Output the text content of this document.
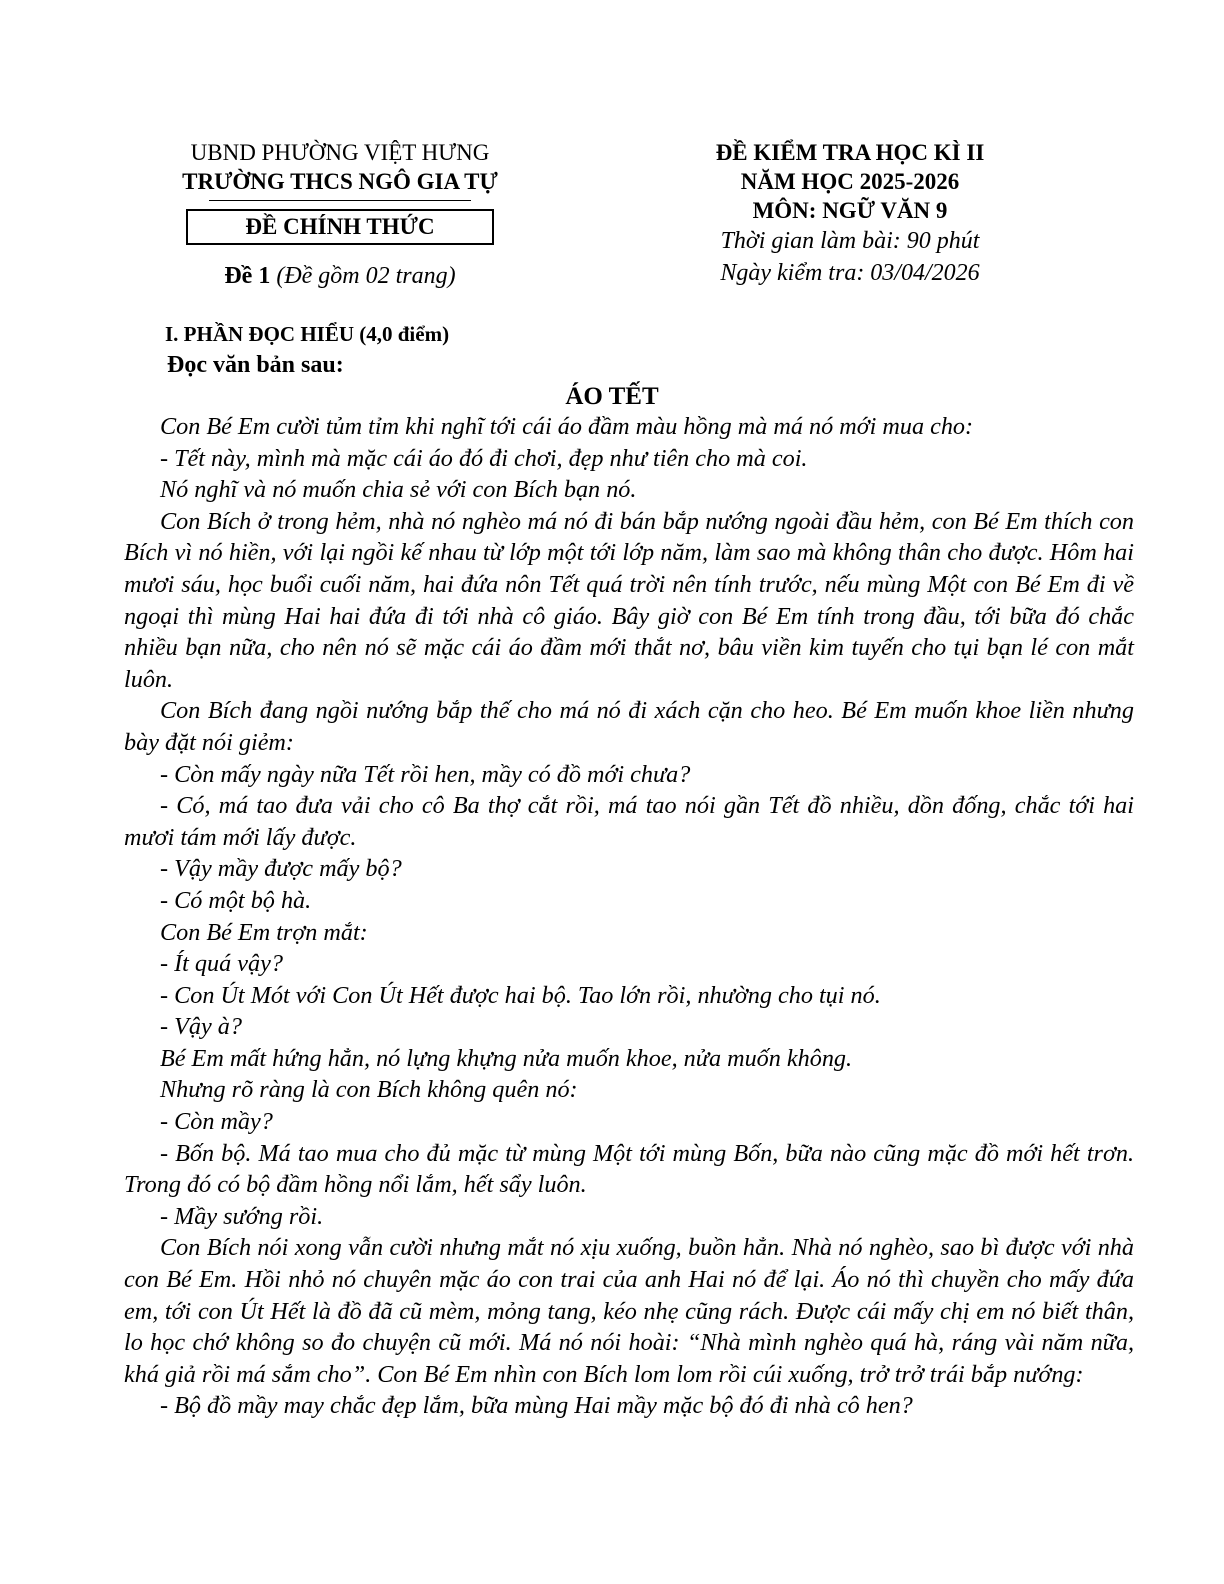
UBND PHƯỜNG VIỆT HƯNG
TRƯỜNG THCS NGÔ GIA TỰ
ĐỀ CHÍNH THỨC
Đề 1 (Đề gồm 02 trang)
ĐỀ KIỂM TRA HỌC KÌ II
NĂM HỌC 2025-2026
MÔN: NGỮ VĂN 9
Thời gian làm bài: 90 phút
Ngày kiểm tra: 03/04/2026
I. PHẦN ĐỌC HIỂU (4,0 điểm)
Đọc văn bản sau:
ÁO TẾT

Con Bé Em cười tủm tỉm khi nghĩ tới cái áo đầm màu hồng mà má nó mới mua cho:

- Tết này, mình mà mặc cái áo đó đi chơi, đẹp như tiên cho mà coi.

Nó nghĩ và nó muốn chia sẻ với con Bích bạn nó.

Con Bích ở trong hẻm, nhà nó nghèo má nó đi bán bắp nướng ngoài đầu hẻm, con Bé Em thích con Bích vì nó hiền, với lại ngồi kế nhau từ lớp một tới lớp năm, làm sao mà không thân cho được. Hôm hai mươi sáu, học buổi cuối năm, hai đứa nôn Tết quá trời nên tính trước, nếu mùng Một con Bé Em đi về ngoại thì mùng Hai hai đứa đi tới nhà cô giáo. Bây giờ con Bé Em tính trong đầu, tới bữa đó chắc nhiều bạn nữa, cho nên nó sẽ mặc cái áo đầm mới thắt nơ, bâu viền kim tuyến cho tụi bạn lé con mắt luôn.

Con Bích đang ngồi nướng bắp thế cho má nó đi xách cặn cho heo. Bé Em muốn khoe liền nhưng bày đặt nói giẻm:

- Còn mấy ngày nữa Tết rồi hen, mầy có đồ mới chưa?

- Có, má tao đưa vải cho cô Ba thợ cắt rồi, má tao nói gần Tết đồ nhiều, dồn đống, chắc tới hai mươi tám mới lấy được.

- Vậy mầy được mấy bộ?

- Có một bộ hà.

Con Bé Em trợn mắt:

- Ít quá vậy?

- Con Út Mót với Con Út Hết được hai bộ. Tao lớn rồi, nhường cho tụi nó.

- Vậy à?

Bé Em mất hứng hẳn, nó lựng khựng nửa muốn khoe, nửa muốn không.

Nhưng rõ ràng là con Bích không quên nó:

- Còn mầy?

- Bốn bộ. Má tao mua cho đủ mặc từ mùng Một tới mùng Bốn, bữa nào cũng mặc đồ mới hết trơn. Trong đó có bộ đầm hồng nổi lắm, hết sẩy luôn.

- Mầy sướng rồi.

Con Bích nói xong vẫn cười nhưng mắt nó xịu xuống, buồn hẳn. Nhà nó nghèo, sao bì được với nhà con Bé Em. Hồi nhỏ nó chuyên mặc áo con trai của anh Hai nó để lại. Áo nó thì chuyền cho mấy đứa em, tới con Út Hết là đồ đã cũ mèm, mỏng tang, kéo nhẹ cũng rách. Được cái mấy chị em nó biết thân, lo học chớ không so đo chuyện cũ mới. Má nó nói hoài: “Nhà mình nghèo quá hà, ráng vài năm nữa, khá giả rồi má sắm cho”. Con Bé Em nhìn con Bích lom lom rồi cúi xuống, trở trở trái bắp nướng:

- Bộ đồ mầy may chắc đẹp lắm, bữa mùng Hai mầy mặc bộ đó đi nhà cô hen?
